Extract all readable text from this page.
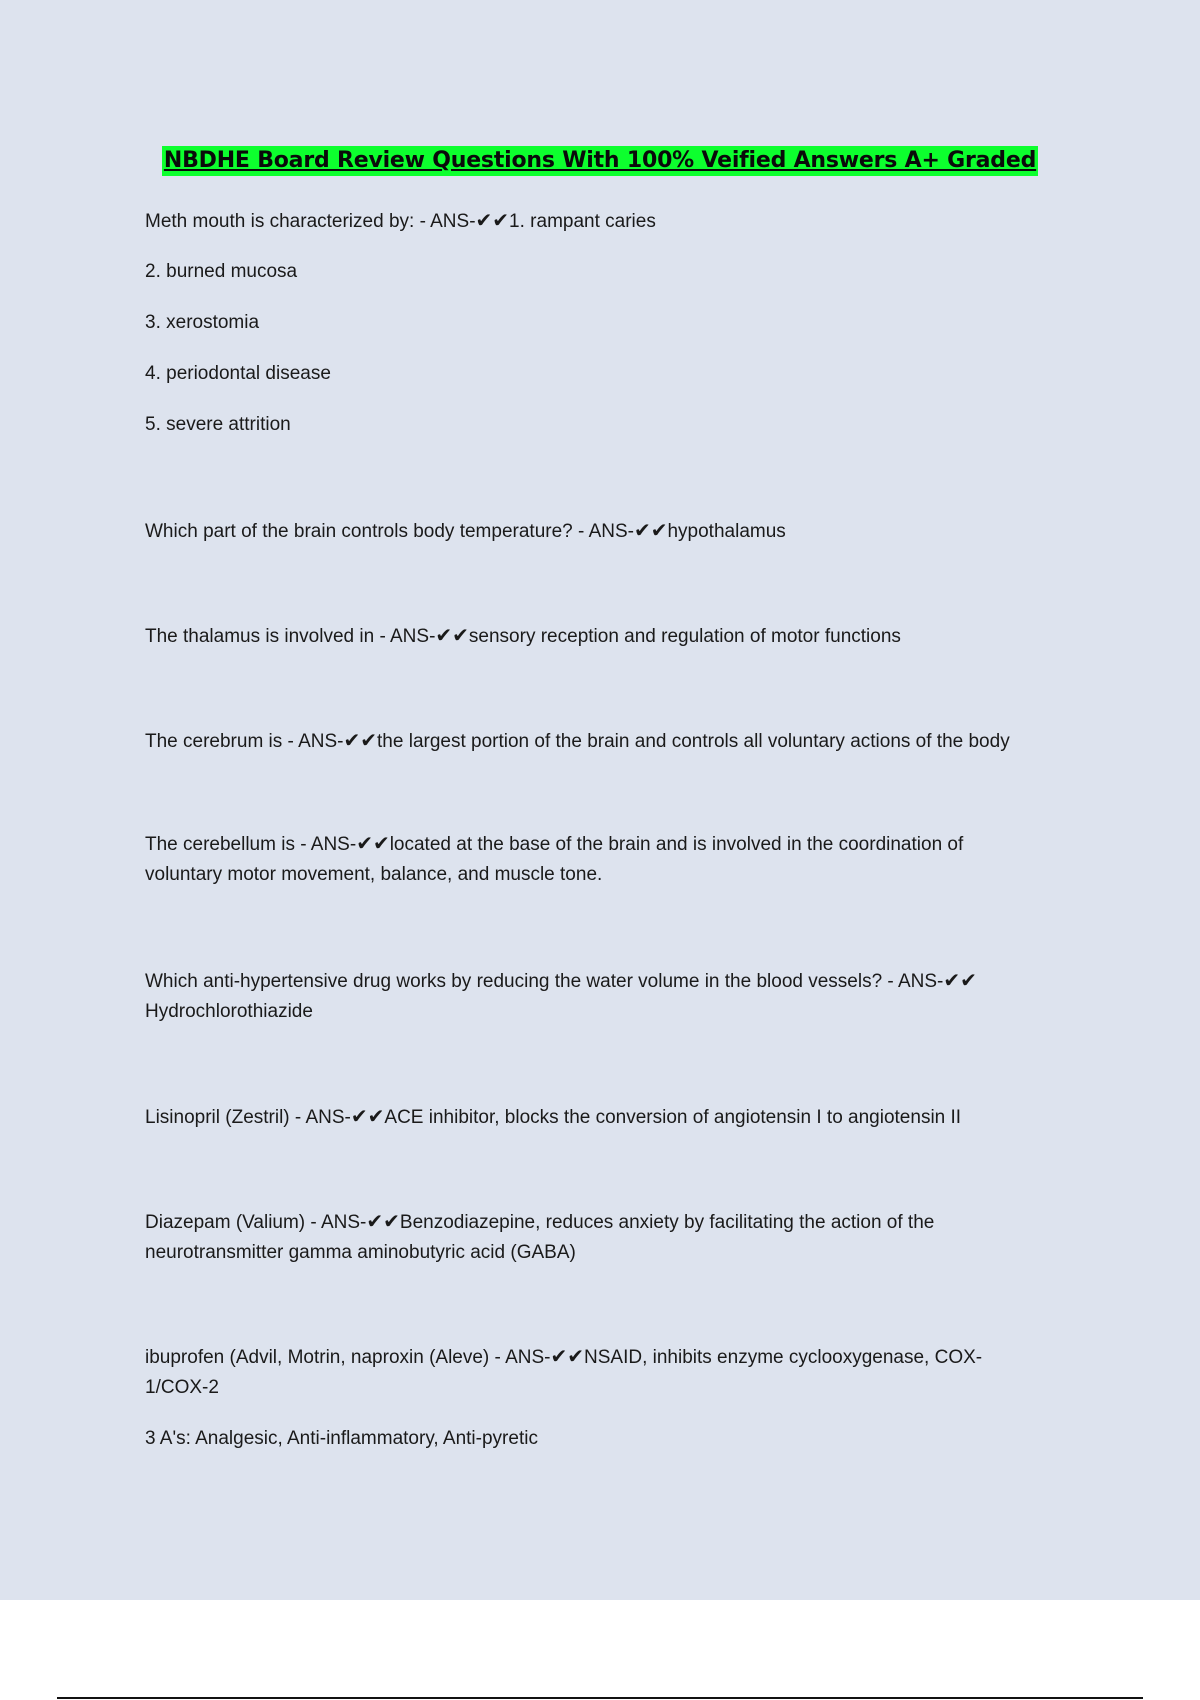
NBDHE Board Review Questions With 100% Veified Answers A+ Graded
Meth mouth is characterized by: - ANS-✔✔1. rampant caries
2. burned mucosa
3. xerostomia
4. periodontal disease
5. severe attrition
Which part of the brain controls body temperature? - ANS-✔✔hypothalamus
The thalamus is involved in - ANS-✔✔sensory reception and regulation of motor functions
The cerebrum is - ANS-✔✔the largest portion of the brain and controls all voluntary actions of the body
The cerebellum is - ANS-✔✔located at the base of the brain and is involved in the coordination of
voluntary motor movement, balance, and muscle tone.
Which anti-hypertensive drug works by reducing the water volume in the blood vessels? - ANS-✔✔
Hydrochlorothiazide
Lisinopril (Zestril) - ANS-✔✔ACE inhibitor, blocks the conversion of angiotensin I to angiotensin II
Diazepam (Valium) - ANS-✔✔Benzodiazepine, reduces anxiety by facilitating the action of the
neurotransmitter gamma aminobutyric acid (GABA)
ibuprofen (Advil, Motrin, naproxin (Aleve) - ANS-✔✔NSAID, inhibits enzyme cyclooxygenase, COX-
1/COX-2
3 A's: Analgesic, Anti-inflammatory, Anti-pyretic
